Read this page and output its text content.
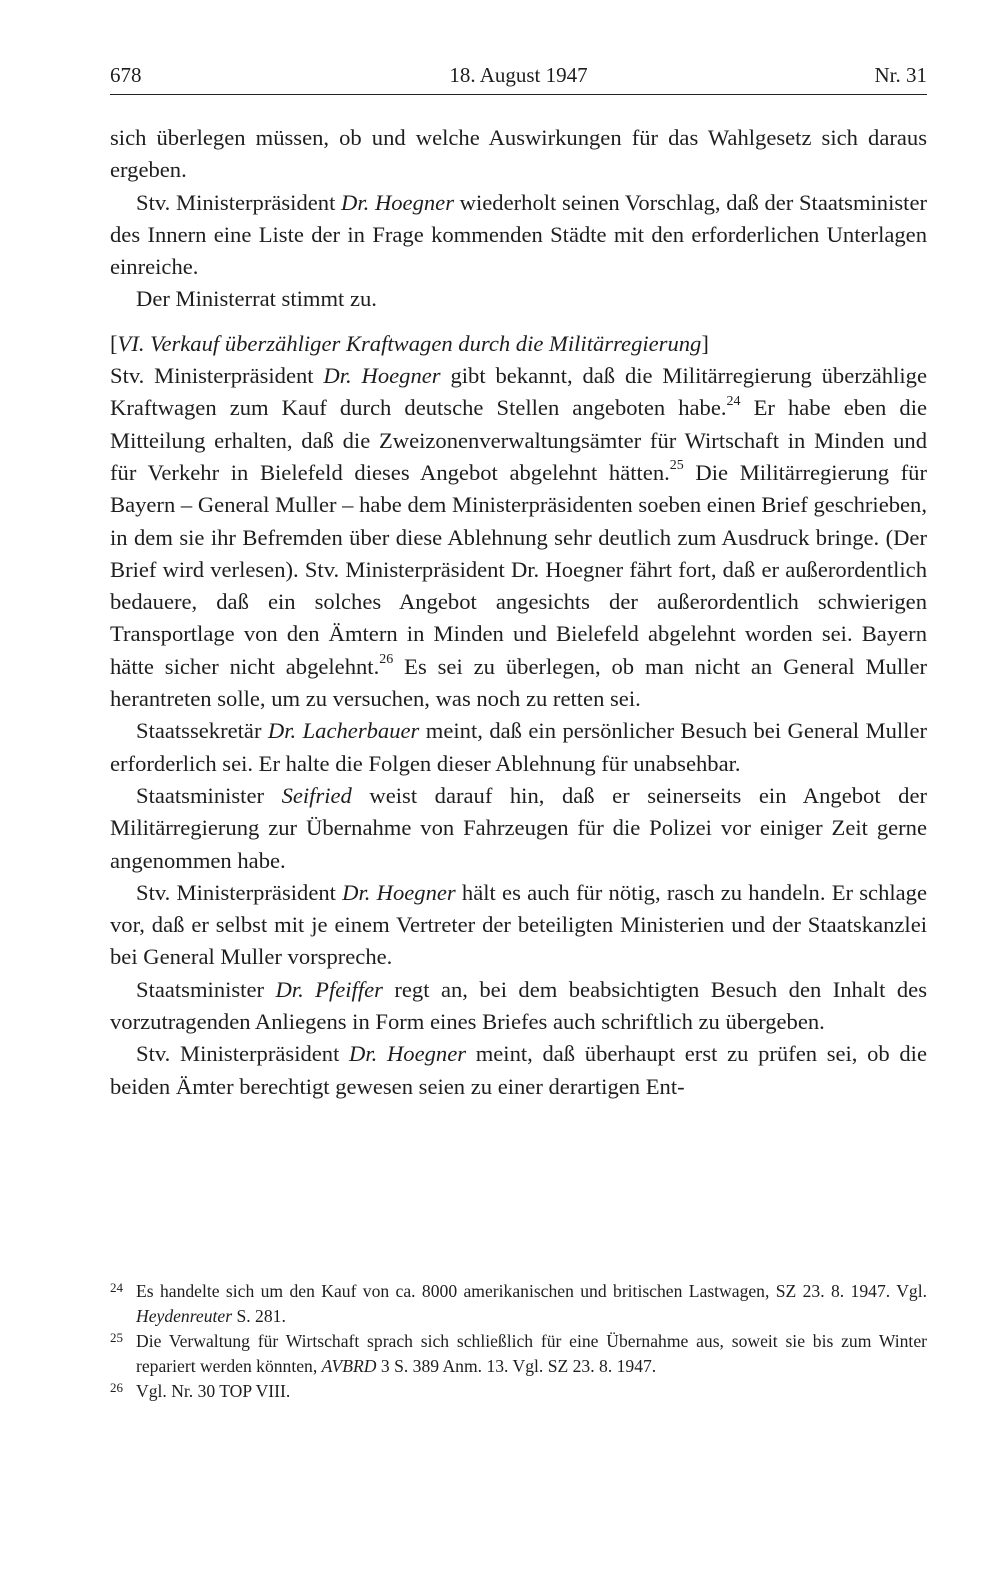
678	18. August 1947	Nr. 31

sich überlegen müssen, ob und welche Auswirkungen für das Wahlgesetz sich daraus ergeben.

Stv. Ministerpräsident Dr. Hoegner wiederholt seinen Vorschlag, daß der Staatsminister des Innern eine Liste der in Frage kommenden Städte mit den erforderlichen Unterlagen einreiche.

Der Ministerrat stimmt zu.

[VI. Verkauf überzähliger Kraftwagen durch die Militärregierung]

Stv. Ministerpräsident Dr. Hoegner gibt bekannt, daß die Militärregierung überzählige Kraftwagen zum Kauf durch deutsche Stellen angeboten habe.$^{24}$ Er habe eben die Mitteilung erhalten, daß die Zweizonenverwaltungsämter für Wirtschaft in Minden und für Verkehr in Bielefeld dieses Angebot abgelehnt hätten.$^{25}$ Die Militärregierung für Bayern – General Muller – habe dem Ministerpräsidenten soeben einen Brief geschrieben, in dem sie ihr Befremden über diese Ablehnung sehr deutlich zum Ausdruck bringe. (Der Brief wird verlesen). Stv. Ministerpräsident Dr. Hoegner fährt fort, daß er außerordentlich bedauere, daß ein solches Angebot angesichts der außerordentlich schwierigen Transportlage von den Ämtern in Minden und Bielefeld abgelehnt worden sei. Bayern hätte sicher nicht abgelehnt.$^{26}$ Es sei zu überlegen, ob man nicht an General Muller herantreten solle, um zu versuchen, was noch zu retten sei.

Staatssekretär Dr. Lacherbauer meint, daß ein persönlicher Besuch bei General Muller erforderlich sei. Er halte die Folgen dieser Ablehnung für unabsehbar.

Staatsminister Seifried weist darauf hin, daß er seinerseits ein Angebot der Militärregierung zur Übernahme von Fahrzeugen für die Polizei vor einiger Zeit gerne angenommen habe.

Stv. Ministerpräsident Dr. Hoegner hält es auch für nötig, rasch zu handeln. Er schlage vor, daß er selbst mit je einem Vertreter der beteiligten Ministerien und der Staatskanzlei bei General Muller vorspreche.

Staatsminister Dr. Pfeiffer regt an, bei dem beabsichtigten Besuch den Inhalt des vorzutragenden Anliegens in Form eines Briefes auch schriftlich zu übergeben.

Stv. Ministerpräsident Dr. Hoegner meint, daß überhaupt erst zu prüfen sei, ob die beiden Ämter berechtigt gewesen seien zu einer derartigen Ent-

24 Es handelte sich um den Kauf von ca. 8000 amerikanischen und britischen Lastwagen, SZ 23. 8. 1947. Vgl. Heydenreuter S. 281.
25 Die Verwaltung für Wirtschaft sprach sich schließlich für eine Übernahme aus, soweit sie bis zum Winter repariert werden könnten, AVBRD 3 S. 389 Anm. 13. Vgl. SZ 23. 8. 1947.
26 Vgl. Nr. 30 TOP VIII.
